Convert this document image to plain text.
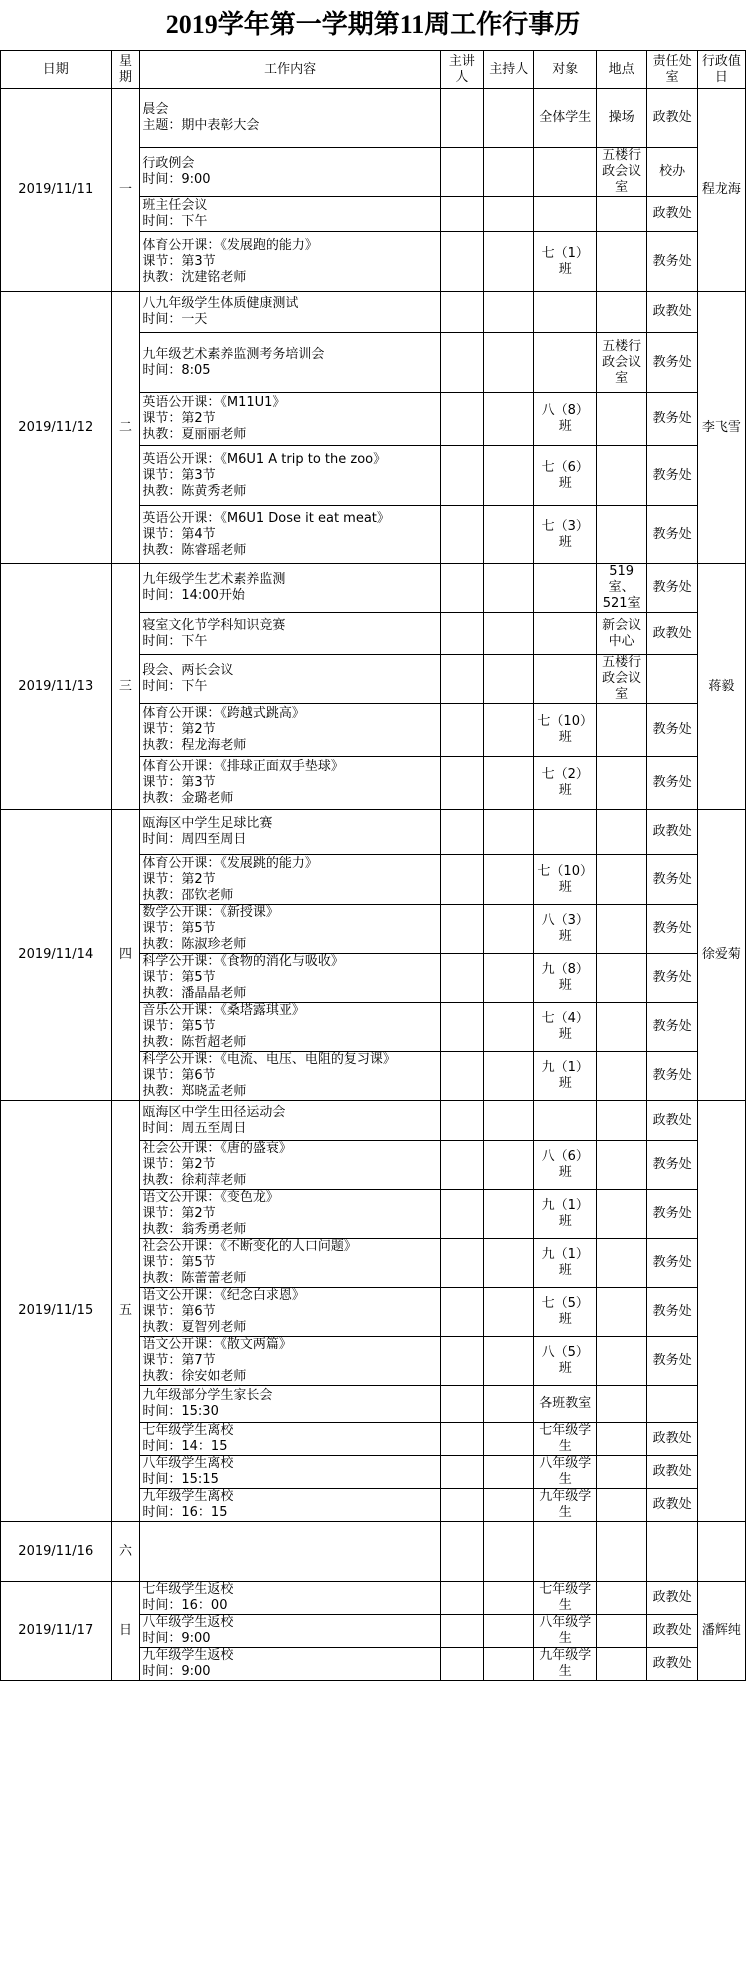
2019学年第一学期第11周工作行事历
日期	星期	工作内容	主讲人	主持人	对象	地点	责任处室	行政值日
2019/11/11	一	晨会
主题：期中表彰大会			全体学生	操场	政教处	程龙海

		行政例会
时间：9:00				五楼行政会议室	校办	

		班主任会议
时间：下午					政教处	

		体育公开课：《发展跑的能力》
课节：第3节
执教：沈建铭老师			七（1）班		教务处	
2019/11/12	二	八九年级学生体质健康测试
时间：一天					政教处	李飞雪

		九年级艺术素养监测考务培训会
时间：8:05				五楼行政会议室	教务处	

		英语公开课：《M11U1》
课节：第2节
执教：夏丽丽老师			八（8）班		教务处	

		英语公开课：《M6U1 A trip to the zoo》
课节：第3节
执教：陈黄秀老师			七（6）班		教务处	

		英语公开课：《M6U1 Dose it eat meat》
课节：第4节
执教：陈睿瑶老师			七（3）班		教务处	
2019/11/13	三	九年级学生艺术素养监测
时间：14:00开始				519室、521室	教务处	蒋毅

		寝室文化节学科知识竞赛
时间：下午				新会议中心	政教处	

		段会、两长会议
时间：下午				五楼行政会议室		

		体育公开课：《跨越式跳高》
课节：第2节
执教：程龙海老师			七（10）班		教务处	

		体育公开课：《排球正面双手垫球》
课节：第3节
执教：金璐老师			七（2）班		教务处	
2019/11/14	四	瓯海区中学生足球比赛
时间：周四至周日					政教处	徐爱菊

		体育公开课：《发展跳的能力》
课节：第2节
执教：邵钦老师			七（10）班		教务处	

		数学公开课：《新授课》
课节：第5节
执教：陈淑珍老师			八（3）班		教务处	

		科学公开课：《食物的消化与吸收》
课节：第5节
执教：潘晶晶老师			九（8）班		教务处	

		音乐公开课：《桑塔露琪亚》
课节：第5节
执教：陈哲超老师			七（4）班		教务处	

		科学公开课：《电流、电压、电阻的复习课》
课节：第6节
执教：郑晓孟老师			九（1）班		教务处	
2019/11/15	五	瓯海区中学生田径运动会
时间：周五至周日					政教处	

		社会公开课：《唐的盛衰》
课节：第2节
执教：徐莉萍老师			八（6）班		教务处	

		语文公开课：《变色龙》
课节：第2节
执教：翁秀勇老师			九（1）班		教务处	

		社会公开课：《不断变化的人口问题》
课节：第5节
执教：陈蕾蕾老师			九（1）班		教务处	

		语文公开课：《纪念白求恩》
课节：第6节
执教：夏智列老师			七（5）班		教务处	

		语文公开课：《散文两篇》
课节：第7节
执教：徐安如老师			八（5）班		教务处	

		九年级部分学生家长会
时间：15:30			各班教室			

		七年级学生离校
时间：14：15			七年级学生		政教处	

		八年级学生离校
时间：15:15			八年级学生		政教处	

		九年级学生离校
时间：16：15			九年级学生		政教处	
2019/11/16	六							
2019/11/17	日	七年级学生返校
时间：16：00			七年级学生		政教处	潘辉纯

		八年级学生返校
时间：9:00			八年级学生		政教处	

		九年级学生返校
时间：9:00			九年级学生		政教处	
